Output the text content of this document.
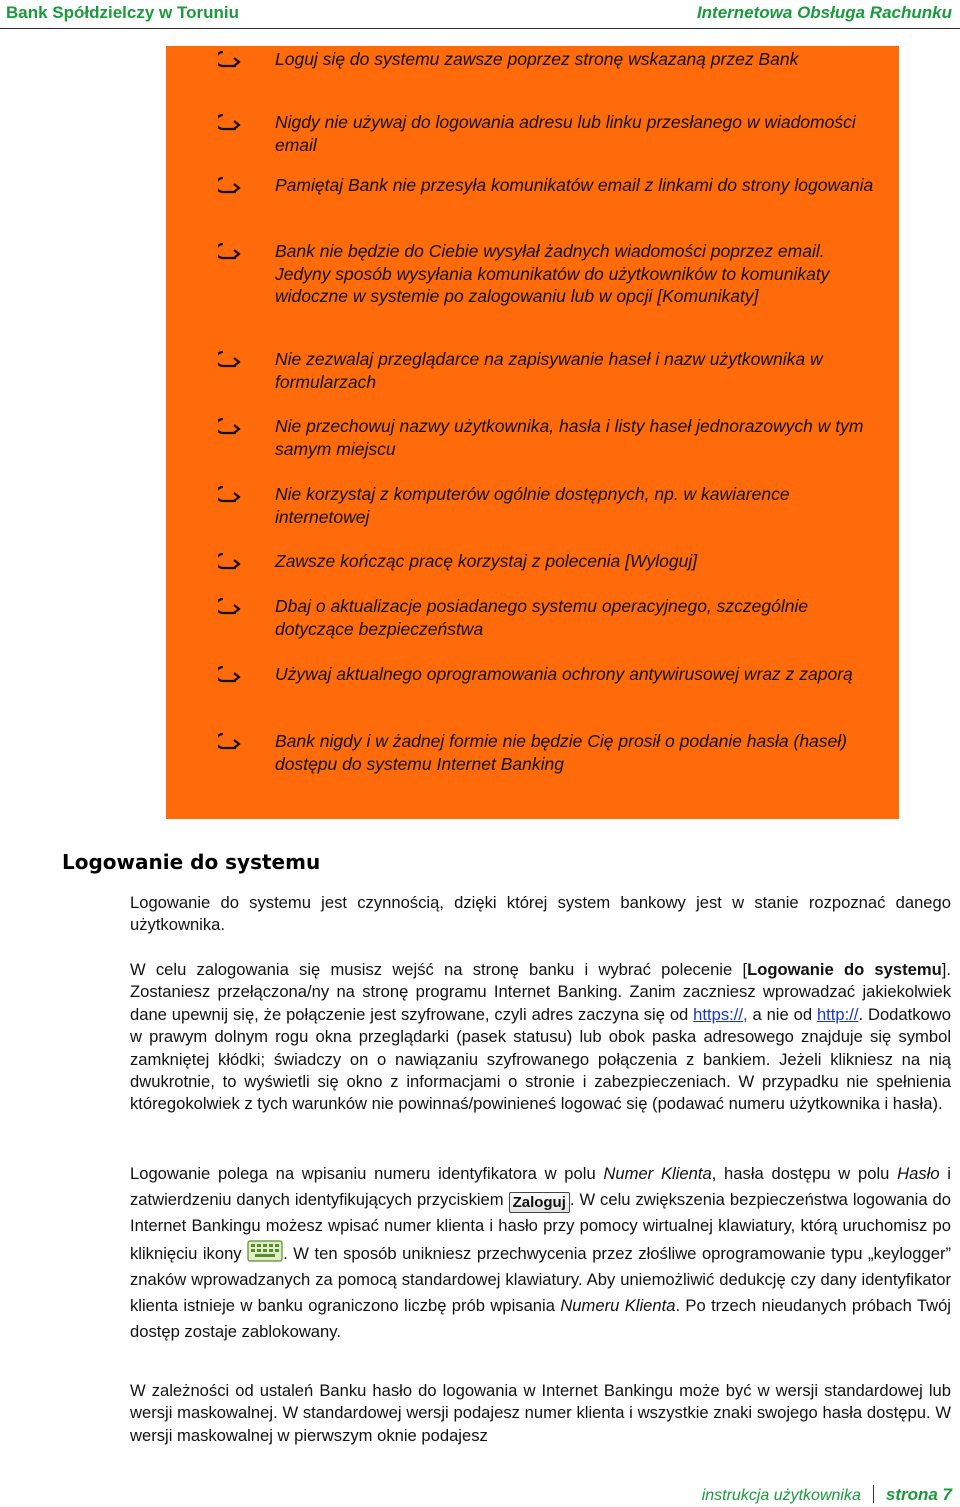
Bank Spółdzielczy w Toruniu	Internetowa Obsługa Rachunku
Loguj się do systemu zawsze poprzez stronę wskazaną przez Bank
Nigdy nie używaj do logowania adresu lub linku przesłanego w wiadomości email
Pamiętaj Bank nie przesyła komunikatów email z linkami do strony logowania
Bank nie będzie do Ciebie wysyłał żadnych wiadomości poprzez email. Jedyny sposób wysyłania komunikatów do użytkowników to komunikaty widoczne w systemie po zalogowaniu lub w opcji [Komunikaty]
Nie zezwalaj przeglądarce na zapisywanie haseł i nazw użytkownika w formularzach
Nie przechowuj nazwy użytkownika, hasła i listy haseł jednorazowych w tym samym miejscu
Nie korzystaj z komputerów ogólnie dostępnych, np. w kawiarence internetowej
Zawsze kończąc pracę korzystaj z polecenia [Wyloguj]
Dbaj o aktualizacje posiadanego systemu operacyjnego, szczególnie dotyczące bezpieczeństwa
Używaj aktualnego oprogramowania ochrony antywirusowej wraz z zaporą
Bank nigdy i w żadnej formie nie będzie Cię prosił o podanie hasła (haseł) dostępu do systemu Internet Banking
Logowanie do systemu
Logowanie do systemu jest czynnością, dzięki której system bankowy jest w stanie rozpoznać danego użytkownika.
W celu zalogowania się musisz wejść na stronę banku i wybrać polecenie [Logowanie do systemu]. Zostaniesz przełączona/ny na stronę programu Internet Banking. Zanim zaczniesz wprowadzać jakiekolwiek dane upewnij się, że połączenie jest szyfrowane, czyli adres zaczyna się od https://, a nie od http://. Dodatkowo w prawym dolnym rogu okna przeglądarki (pasek statusu) lub obok paska adresowego znajduje się symbol zamkniętej kłódki; świadczy on o nawiązaniu szyfrowanego połączenia z bankiem. Jeżeli klikniesz na nią dwukrotnie, to wyświetli się okno z informacjami o stronie i zabezpieczeniach. W przypadku nie spełnienia któregokolwiek z tych warunków nie powinnaś/powinieneś logować się (podawać numeru użytkownika i hasła).
Logowanie polega na wpisaniu numeru identyfikatora w polu Numer Klienta, hasła dostępu w polu Hasło i zatwierdzeniu danych identyfikujących przyciskiem Zaloguj . W celu zwiększenia bezpieczeństwa logowania do Internet Bankingu możesz wpisać numer klienta i hasło przy pomocy wirtualnej klawiatury, którą uruchomisz po kliknięciu ikony . W ten sposób unikniesz przechwycenia przez złośliwe oprogramowanie typu „keylogger” znaków wprowadzanych za pomocą standardowej klawiatury. Aby uniemożliwić dedukcję czy dany identyfikator klienta istnieje w banku ograniczono liczbę prób wpisania Numeru Klienta. Po trzech nieudanych próbach Twój dostęp zostaje zablokowany.
W zależności od ustaleń Banku hasło do logowania w Internet Bankingu może być w wersji standardowej lub wersji maskowalnej. W standardowej wersji podajesz numer klienta i wszystkie znaki swojego hasła dostępu. W wersji maskowalnej w pierwszym oknie podajesz
instrukcja użytkownika strona 7
